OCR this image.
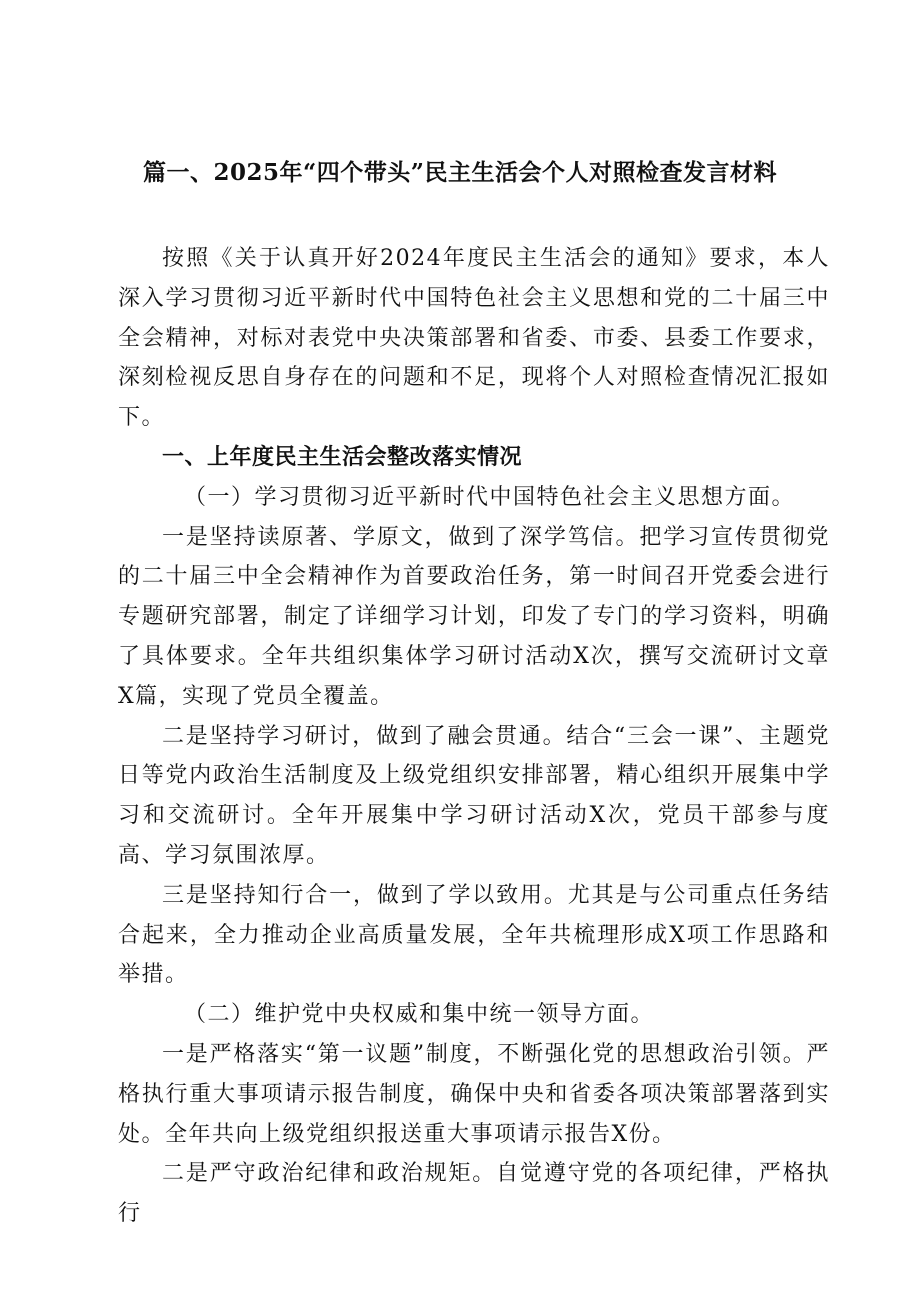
篇一、2025年“四个带头”民主生活会个人对照检查发言材料

按照《关于认真开好2024年度民主生活会的通知》要求，本人深入学习贯彻习近平新时代中国特色社会主义思想和党的二十届三中全会精神，对标对表党中央决策部署和省委、市委、县委工作要求，深刻检视反思自身存在的问题和不足，现将个人对照检查情况汇报如下。

一、上年度民主生活会整改落实情况

（一）学习贯彻习近平新时代中国特色社会主义思想方面。

一是坚持读原著、学原文，做到了深学笃信。把学习宣传贯彻党的二十届三中全会精神作为首要政治任务，第一时间召开党委会进行专题研究部署，制定了详细学习计划，印发了专门的学习资料，明确了具体要求。全年共组织集体学习研讨活动X次，撰写交流研讨文章X篇，实现了党员全覆盖。

二是坚持学习研讨，做到了融会贯通。结合“三会一课”、主题党日等党内政治生活制度及上级党组织安排部署，精心组织开展集中学习和交流研讨。全年开展集中学习研讨活动X次，党员干部参与度高、学习氛围浓厚。

三是坚持知行合一，做到了学以致用。尤其是与公司重点任务结合起来，全力推动企业高质量发展，全年共梳理形成X项工作思路和举措。

（二）维护党中央权威和集中统一领导方面。

一是严格落实“第一议题”制度，不断强化党的思想政治引领。严格执行重大事项请示报告制度，确保中央和省委各项决策部署落到实处。全年共向上级党组织报送重大事项请示报告X份。

二是严守政治纪律和政治规矩。自觉遵守党的各项纪律，严格执行
